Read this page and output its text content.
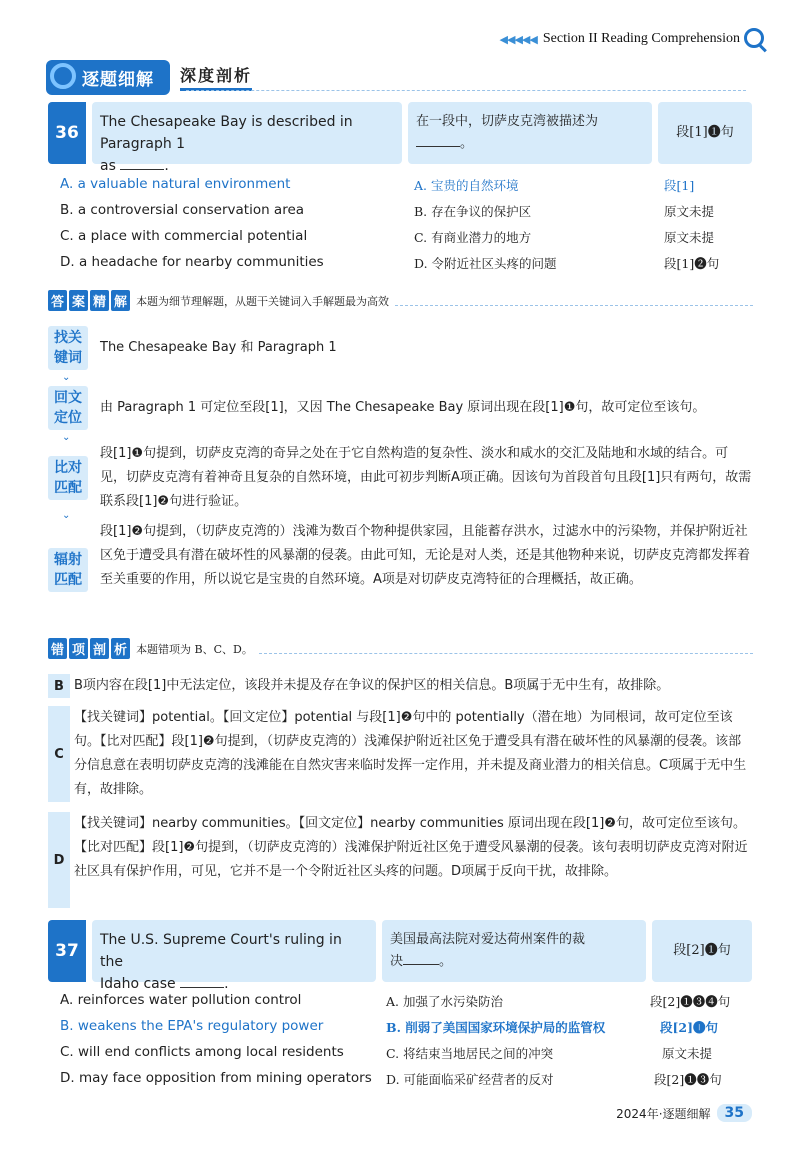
◀◀◀◀◀ Section II Reading Comprehension
逐题细解	深度剖析
36
The Chesapeake Bay is described in Paragraph 1
as	.
在一段中，切萨皮克湾被描述为
。
段[1]❶句
A. a valuable natural environment	A. 宝贵的自然环境	段[1]
B. a controversial conservation area	B. 存在争议的保护区	原文未提
C. a place with commercial potential	C. 有商业潜力的地方	原文未提
D. a headache for nearby communities	D. 令附近社区头疼的问题	段[1]❷句
答 案 精 解 本题为细节理解题，从题干关键词入手解题最为高效
找关
键词
The Chesapeake Bay 和 Paragraph 1
⌄
回文
定位
由 Paragraph 1 可定位至段[1]，又因 The Chesapeake Bay 原词出现在段[1]❶句，故可定位至该句。
⌄
比对
匹配
段[1]❶句提到，切萨皮克湾的奇异之处在于它自然构造的复杂性、淡水和咸水的交汇及陆地和水域的结合。可见，切萨皮克湾有着神奇且复杂的自然环境，由此可初步判断A项正确。因该句为首段首句且段[1]只有两句，故需联系段[1]❷句进行验证。
⌄
辐射
匹配
段[1]❷句提到，（切萨皮克湾的）浅滩为数百个物种提供家园，且能蓄存洪水，过滤水中的污染物，并保护附近社区免于遭受具有潜在破坏性的风暴潮的侵袭。由此可知，无论是对人类，还是其他物种来说，切萨皮克湾都发挥着至关重要的作用，所以说它是宝贵的自然环境。A项是对切萨皮克湾特征的合理概括，故正确。
错 项 剖 析 本题错项为 B、C、D。
B B项内容在段[1]中无法定位，该段并未提及存在争议的保护区的相关信息。B项属于无中生有，故排除。
C
【找关键词】potential。【回文定位】potential 与段[1]❷句中的 potentially（潜在地）为同根词，故可定位至该句。【比对匹配】段[1]❷句提到，（切萨皮克湾的）浅滩保护附近社区免于遭受具有潜在破坏性的风暴潮的侵袭。该部分信息意在表明切萨皮克湾的浅滩能在自然灾害来临时发挥一定作用，并未提及商业潜力的相关信息。C项属于无中生有，故排除。
D
【找关键词】nearby communities。【回文定位】nearby communities 原词出现在段[1]❷句，故可定位至该句。【比对匹配】段[1]❷句提到，（切萨皮克湾的）浅滩保护附近社区免于遭受风暴潮的侵袭。该句表明切萨皮克湾对附近社区具有保护作用，可见，它并不是一个令附近社区头疼的问题。D项属于反向干扰，故排除。
37
The U.S. Supreme Court's ruling in the
Idaho case	.
美国最高法院对爱达荷州案件的裁
决	。
段[2]❶句
A. reinforces water pollution control	A. 加强了水污染防治	段[2]❶❸❹句
B. weakens the EPA's regulatory power	B. 削弱了美国国家环境保护局的监管权	段[2]❶句
C. will end conflicts among local residents	C. 将结束当地居民之间的冲突	原文未提
D. may face opposition from mining operators D. 可能面临采矿经营者的反对	段[2]❶❸句
2024年·逐题细解	35
